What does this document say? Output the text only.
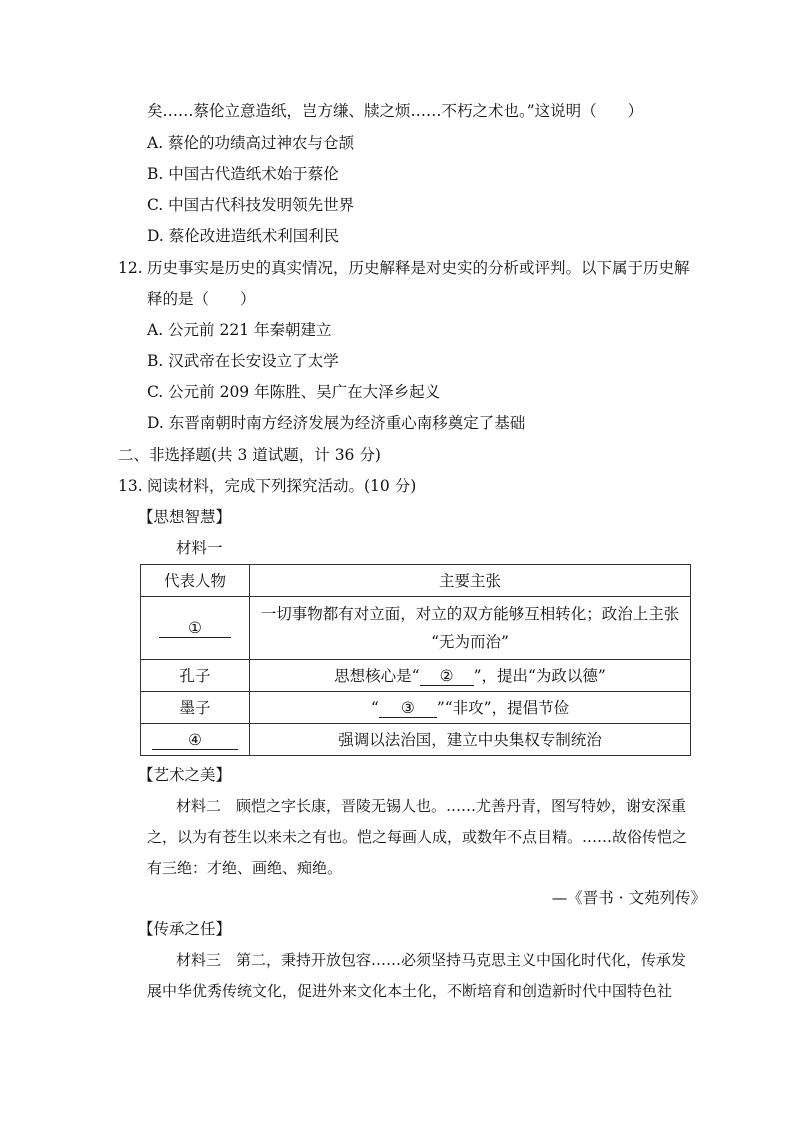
矣……蔡伦立意造纸，岂方缣、牍之烦……不朽之术也。”这说明（　　）
A. 蔡伦的功绩高过神农与仓颉
B. 中国古代造纸术始于蔡伦
C. 中国古代科技发明领先世界
D. 蔡伦改进造纸术利国利民
12. 历史事实是历史的真实情况，历史解释是对史实的分析或评判。以下属于历史解
释的是（　　）
A. 公元前 221 年秦朝建立
B. 汉武帝在长安设立了太学
C. 公元前 209 年陈胜、吴广在大泽乡起义
D. 东晋南朝时南方经济发展为经济重心南移奠定了基础
二、非选择题(共 3 道试题，计 36 分)
13. 阅读材料，完成下列探究活动。(10 分)
【思想智慧】
材料一
代表人物	主要主张
①	一切事物都有对立面，对立的双方能够互相转化；政治上主张
“无为而治”

孔子	思想核心是“ ② ”，提出“为政以德”
墨子	“ ③ ”“非攻”，提倡节俭
④	强调以法治国，建立中央集权专制统治
【艺术之美】
材料二　顾恺之字长康，晋陵无锡人也。……尤善丹青，图写特妙，谢安深重
之，以为有苍生以来未之有也。恺之每画人成，或数年不点目精。……故俗传恺之
有三绝：才绝、画绝、痴绝。
—《晋书 · 文苑列传》
【传承之任】
材料三　第二，秉持开放包容……必须坚持马克思主义中国化时代化，传承发
展中华优秀传统文化，促进外来文化本土化，不断培育和创造新时代中国特色社
